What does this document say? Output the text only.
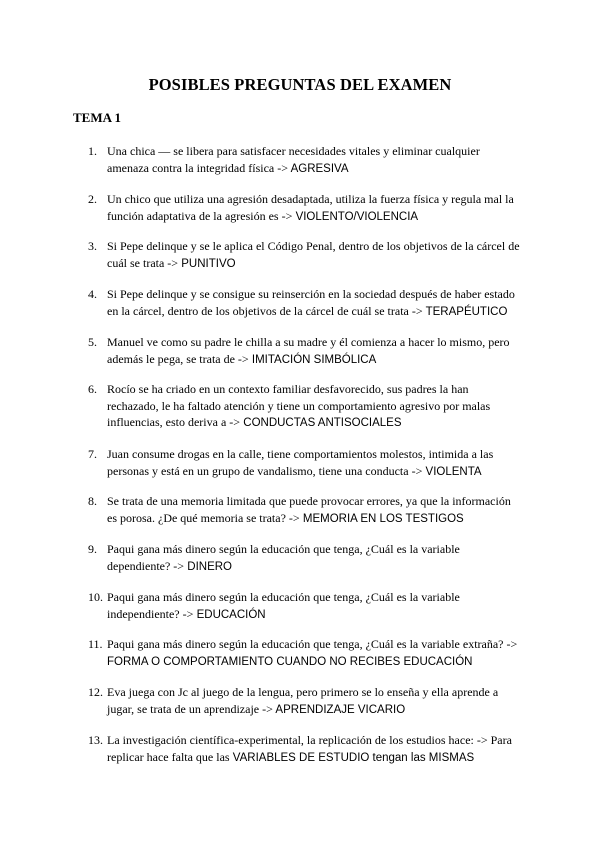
POSIBLES PREGUNTAS DEL EXAMEN
TEMA 1
1. Una chica — se libera para satisfacer necesidades vitales y eliminar cualquier
amenaza contra la integridad física -> AGRESIVA
2. Un chico que utiliza una agresión desadaptada, utiliza la fuerza física y regula mal la
función adaptativa de la agresión es -> VIOLENTO/VIOLENCIA
3. Si Pepe delinque y se le aplica el Código Penal, dentro de los objetivos de la cárcel de
cuál se trata -> PUNITIVO
4. Si Pepe delinque y se consigue su reinserción en la sociedad después de haber estado
en la cárcel, dentro de los objetivos de la cárcel de cuál se trata -> TERAPÉUTICO
5. Manuel ve como su padre le chilla a su madre y él comienza a hacer lo mismo, pero
además le pega, se trata de -> IMITACIÓN SIMBÓLICA
6. Rocío se ha criado en un contexto familiar desfavorecido, sus padres la han
rechazado, le ha faltado atención y tiene un comportamiento agresivo por malas
influencias, esto deriva a -> CONDUCTAS ANTISOCIALES
7. Juan consume drogas en la calle, tiene comportamientos molestos, intimida a las
personas y está en un grupo de vandalismo, tiene una conducta -> VIOLENTA
8. Se trata de una memoria limitada que puede provocar errores, ya que la información
es porosa. ¿De qué memoria se trata? -> MEMORIA EN LOS TESTIGOS
9. Paqui gana más dinero según la educación que tenga, ¿Cuál es la variable
dependiente? -> DINERO
10. Paqui gana más dinero según la educación que tenga, ¿Cuál es la variable
independiente? -> EDUCACIÓN
11. Paqui gana más dinero según la educación que tenga, ¿Cuál es la variable extraña? ->
FORMA O COMPORTAMIENTO CUANDO NO RECIBES EDUCACIÓN
12. Eva juega con Jc al juego de la lengua, pero primero se lo enseña y ella aprende a
jugar, se trata de un aprendizaje -> APRENDIZAJE VICARIO
13. La investigación científica-experimental, la replicación de los estudios hace: -> Para
replicar hace falta que las VARIABLES DE ESTUDIO tengan las MISMAS
